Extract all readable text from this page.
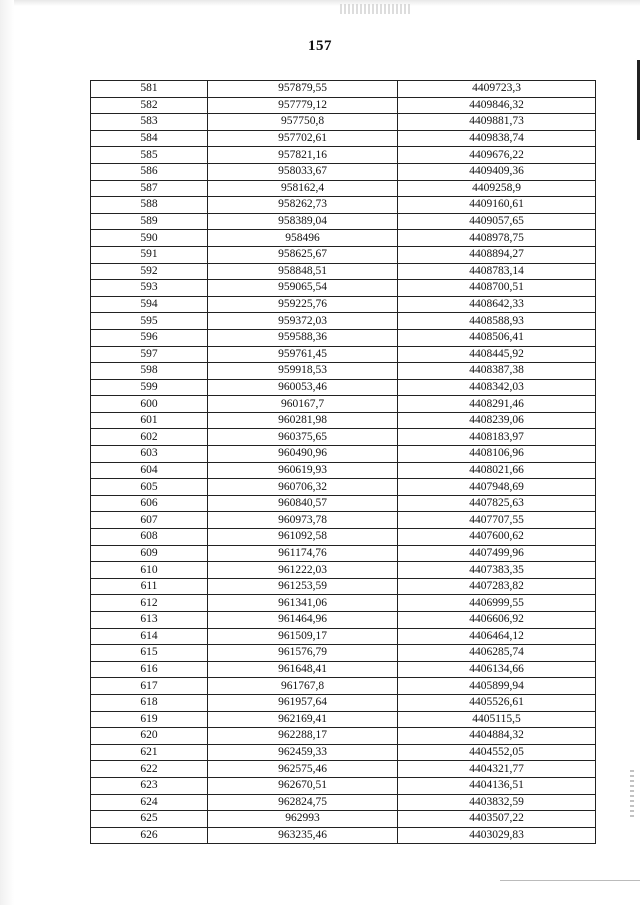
157
581	957879,55	4409723,3
582	957779,12	4409846,32
583	957750,8	4409881,73
584	957702,61	4409838,74
585	957821,16	4409676,22
586	958033,67	4409409,36
587	958162,4	4409258,9
588	958262,73	4409160,61
589	958389,04	4409057,65
590	958496	4408978,75
591	958625,67	4408894,27
592	958848,51	4408783,14
593	959065,54	4408700,51
594	959225,76	4408642,33
595	959372,03	4408588,93
596	959588,36	4408506,41
597	959761,45	4408445,92
598	959918,53	4408387,38
599	960053,46	4408342,03
600	960167,7	4408291,46
601	960281,98	4408239,06
602	960375,65	4408183,97
603	960490,96	4408106,96
604	960619,93	4408021,66
605	960706,32	4407948,69
606	960840,57	4407825,63
607	960973,78	4407707,55
608	961092,58	4407600,62
609	961174,76	4407499,96
610	961222,03	4407383,35
611	961253,59	4407283,82
612	961341,06	4406999,55
613	961464,96	4406606,92
614	961509,17	4406464,12
615	961576,79	4406285,74
616	961648,41	4406134,66
617	961767,8	4405899,94
618	961957,64	4405526,61
619	962169,41	4405115,5
620	962288,17	4404884,32
621	962459,33	4404552,05
622	962575,46	4404321,77
623	962670,51	4404136,51
624	962824,75	4403832,59
625	962993	4403507,22
626	963235,46	4403029,83
